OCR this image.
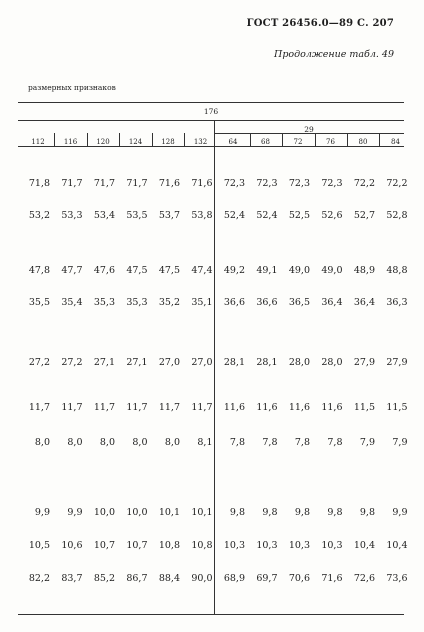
ГОСТ 26456.0—89 С. 207
Продолжение табл. 49
размерных признаков
176
29
112	116	120	124	128	132	64	68	72	76	80	84
71,8	71,7	71,7	71,7	71,6	71,6	72,3	72,3	72,3	72,3	72,2	72,2
53,2	53,3	53,4	53,5	53,7	53,8	52,4	52,4	52,5	52,6	52,7	52,8
47,8	47,7	47,6	47,5	47,5	47,4	49,2	49,1	49,0	49,0	48,9	48,8
35,5	35,4	35,3	35,3	35,2	35,1	36,6	36,6	36,5	36,4	36,4	36,3
27,2	27,2	27,1	27,1	27,0	27,0	28,1	28,1	28,0	28,0	27,9	27,9
11,7	11,7	11,7	11,7	11,7	11,7	11,6	11,6	11,6	11,6	11,5	11,5
8,0	8,0	8,0	8,0	8,0	8,1	7,8	7,8	7,8	7,8	7,9	7,9
9,9	9,9	10,0	10,0	10,1	10,1	9,8	9,8	9,8	9,8	9,8	9,9
10,5	10,6	10,7	10,7	10,8	10,8	10,3	10,3	10,3	10,3	10,4	10,4
82,2	83,7	85,2	86,7	88,4	90,0	68,9	69,7	70,6	71,6	72,6	73,6
